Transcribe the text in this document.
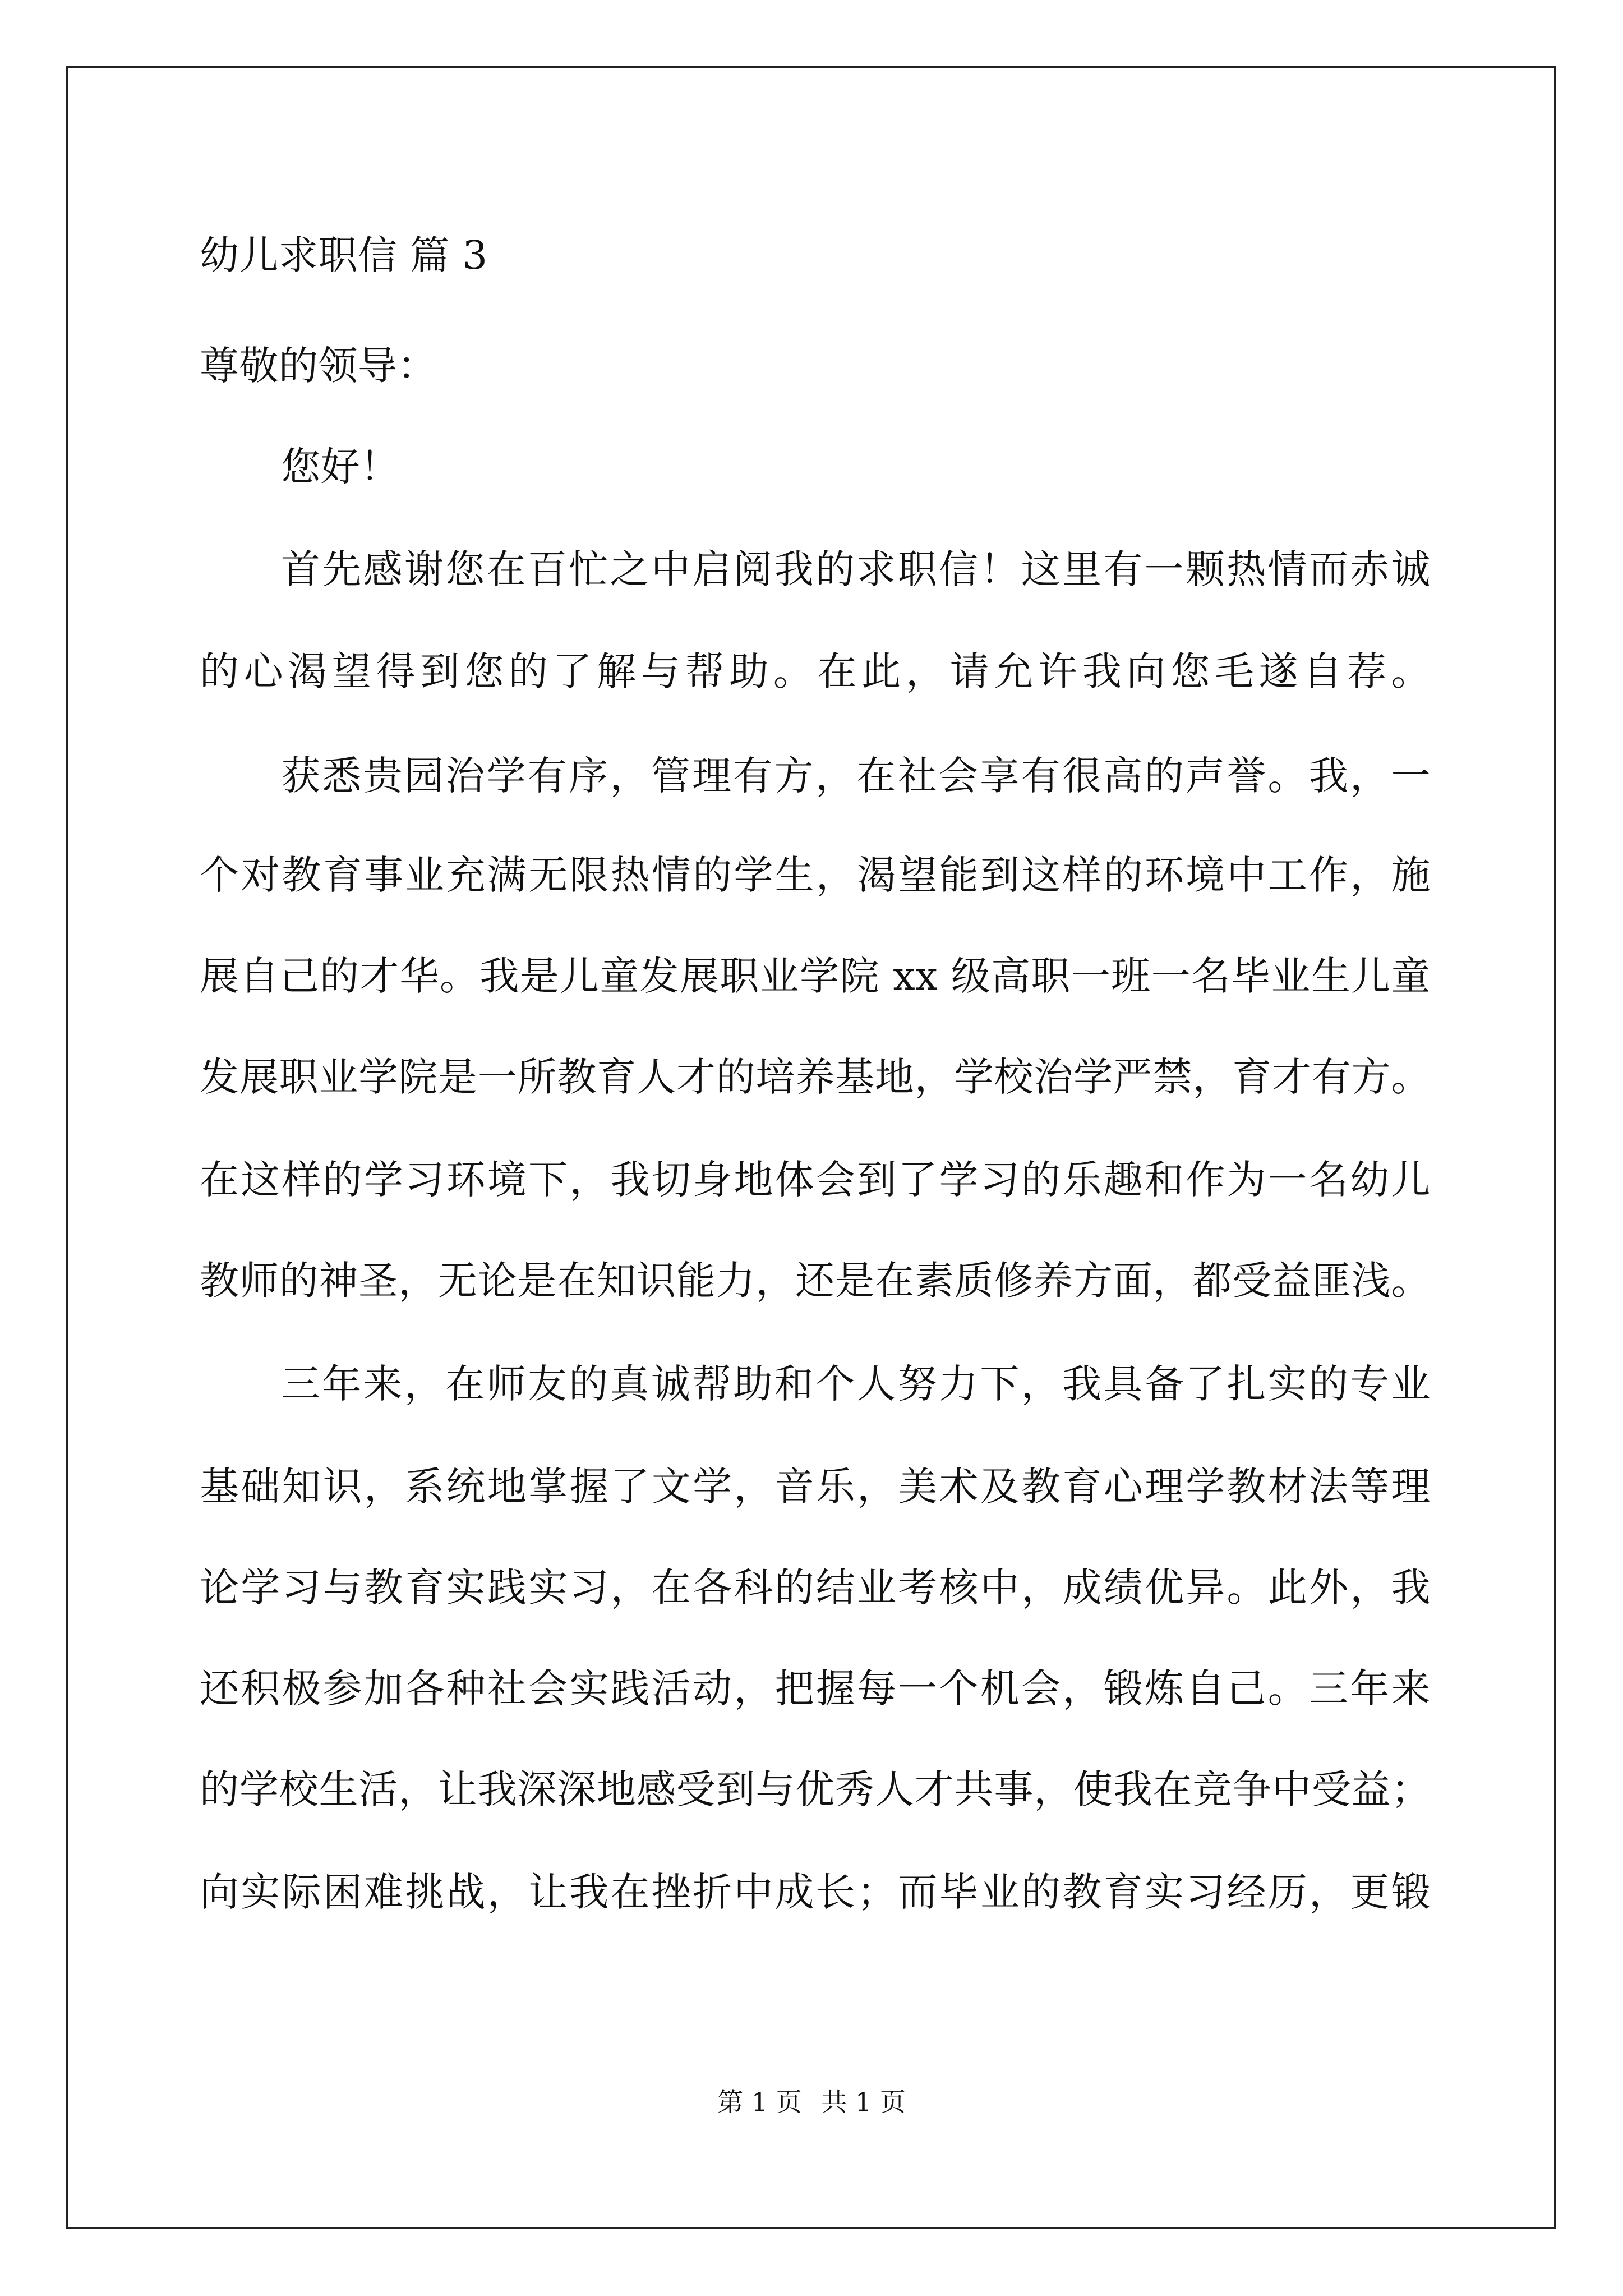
幼儿求职信 篇 3
尊敬的领导：
您好！
首先感谢您在百忙之中启阅我的求职信！这里有一颗热情而赤诚
的心渴望得到您的了解与帮助。在此，请允许我向您毛遂自荐。
获悉贵园治学有序，管理有方，在社会享有很高的声誉。我，一
个对教育事业充满无限热情的学生，渴望能到这样的环境中工作，施
展自己的才华。我是儿童发展职业学院 xx 级高职一班一名毕业生儿童
发展职业学院是一所教育人才的培养基地，学校治学严禁，育才有方。
在这样的学习环境下，我切身地体会到了学习的乐趣和作为一名幼儿
教师的神圣，无论是在知识能力，还是在素质修养方面，都受益匪浅。
三年来，在师友的真诚帮助和个人努力下，我具备了扎实的专业
基础知识，系统地掌握了文学，音乐，美术及教育心理学教材法等理
论学习与教育实践实习，在各科的结业考核中，成绩优异。此外，我
还积极参加各种社会实践活动，把握每一个机会，锻炼自己。三年来
的学校生活，让我深深地感受到与优秀人才共事，使我在竞争中受益；
向实际困难挑战，让我在挫折中成长；而毕业的教育实习经历，更锻
第 1 页 共 1 页
